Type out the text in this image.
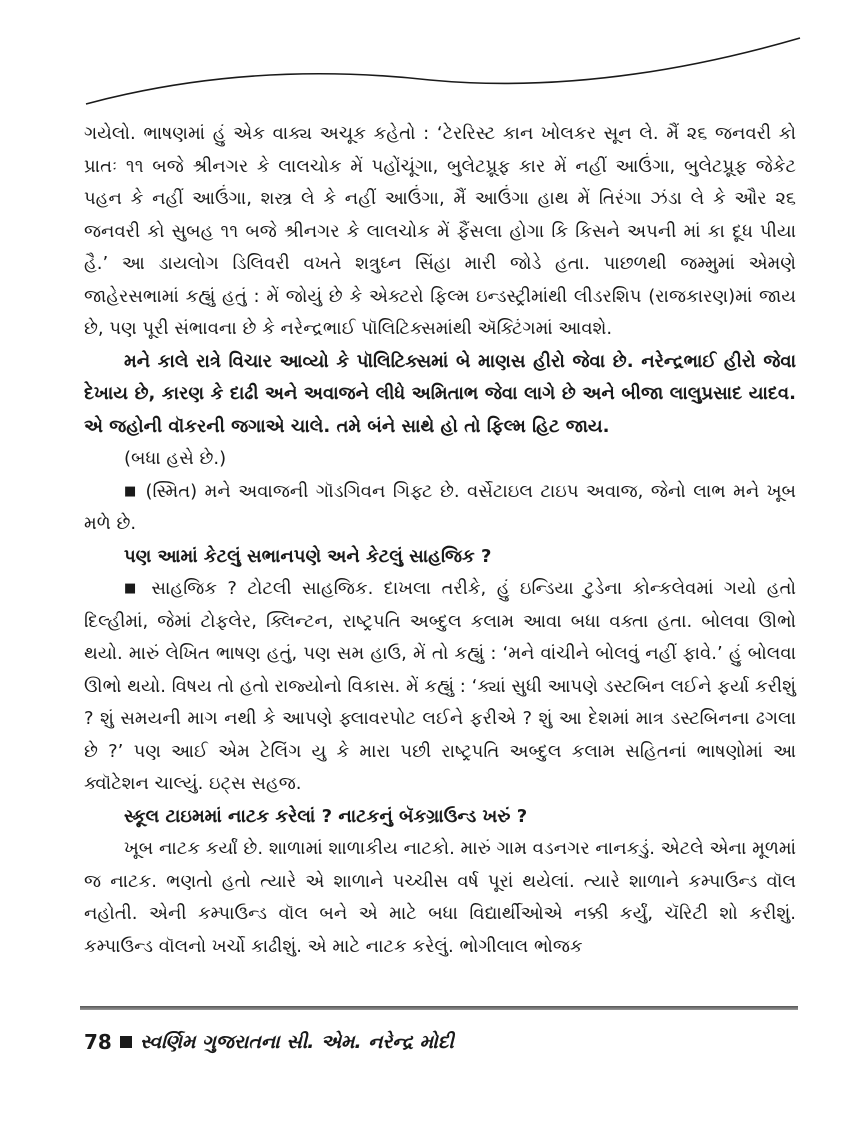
ગયેલો. ભાષણમાં હું એક વાક્ય અચૂક કહેતો : ‘ટેરરિસ્ટ કાન ખોલકર સૂન લે. મૈં ૨૬ જનવરી કો પ્રાતઃ ૧૧ બજે શ્રીનગર કે લાલચોક મેં પહોંચૂંગા, બુલેટપ્રૂફ કાર મેં નહીં આઉંગા, બુલેટપ્રૂફ જેકેટ પહન કે નહીં આઉંગા, શસ્ત્ર લે કે નહીં આઉંગા, મૈં આઉંગા હાથ મેં તિરંગા ઝંડા લે કે ઔર ૨૬ જનવરી કો સુબહ ૧૧ બજે શ્રીનગર કે લાલચોક મેં ફૈંસલા હોગા કિ કિસને અપની માં કા દૂધ પીયા હૈ.’ આ ડાયલોગ ડિલિવરી વખતે શત્રુઘ્ન સિંહા મારી જોડે હતા. પાછળથી જમ્મુમાં એમણે જાહેરસભામાં કહ્યું હતું : મેં જોયું છે કે એક્ટરો ફિલ્મ ઇન્ડસ્ટ્રીમાંથી લીડરશિપ (રાજકારણ)માં જાય છે, પણ પૂરી સંભાવના છે કે નરેન્દ્રભાઈ પૉલિટિક્સમાંથી ઍક્ટિંગમાં આવશે.

મને કાલે રાત્રે વિચાર આવ્યો કે પૉલિટિક્સમાં બે માણસ હીરો જેવા છે. નરેન્દ્રભાઈ હીરો જેવા દેખાય છે, કારણ કે દાઢી અને અવાજને લીધે અમિતાભ જેવા લાગે છે અને બીજા લાલુપ્રસાદ યાદવ. એ જહોની વૉકરની જગાએ ચાલે. તમે બંને સાથે હો તો ફિલ્મ હિટ જાય.

(બધા હસે છે.)

■ (સ્મિત) મને અવાજની ગૉડગિવન ગિફ્ટ છે. વર્સેટાઇલ ટાઇપ અવાજ, જેનો લાભ મને ખૂબ મળે છે.

પણ આમાં કેટલું સભાનપણે અને કેટલું સાહજિક ?

■ સાહજિક ? ટોટલી સાહજિક. દાખલા તરીકે, હું ઇન્ડિયા ટુડેના કોન્કલેવમાં ગયો હતો દિલ્હીમાં, જેમાં ટોફલેર, ક્લિન્ટન, રાષ્ટ્રપતિ અબ્દુલ કલામ આવા બધા વક્તા હતા. બોલવા ઊભો થયો. મારું લેખિત ભાષણ હતું, પણ સમ હાઉ, મેં તો કહ્યું : ‘મને વાંચીને બોલવું નહીં ફાવે.’ હું બોલવા ઊભો થયો. વિષય તો હતો રાજ્યોનો વિકાસ. મેં કહ્યું : ‘ક્યાં સુધી આપણે ડસ્ટબિન લઈને ફર્યા કરીશું ? શું સમયની માગ નથી કે આપણે ફ્લાવરપોટ લઈને ફરીએ ? શું આ દેશમાં માત્ર ડસ્ટબિનના ઢગલા છે ?’ પણ આઈ એમ ટેલિંગ યુ કે મારા પછી રાષ્ટ્રપતિ અબ્દુલ કલામ સહિતનાં ભાષણોમાં આ ક્વૉટેશન ચાલ્યું. ઇટ્સ સહજ.

સ્કૂલ ટાઇમમાં નાટક કરેલાં ? નાટકનું બૅકગ્રાઉન્ડ ખરું ?

ખૂબ નાટક કર્યાં છે. શાળામાં શાળાકીય નાટકો. મારું ગામ વડનગર નાનકડું. એટલે એના મૂળમાં જ નાટક. ભણતો હતો ત્યારે એ શાળાને પચ્ચીસ વર્ષ પૂરાં થયેલાં. ત્યારે શાળાને કમ્પાઉન્ડ વૉલ નહોતી. એની કમ્પાઉન્ડ વૉલ બને એ માટે બધા વિદ્યાર્થીઓએ નક્કી કર્યું, ચૅરિટી શો કરીશું. કમ્પાઉન્ડ વૉલનો ખર્ચો કાઢીશું. એ માટે નાટક કરેલું. ભોગીલાલ ભોજક

78 સ્વર્ણિમ ગુજરાતના સી. એમ. નરેન્દ્ર મોદી
